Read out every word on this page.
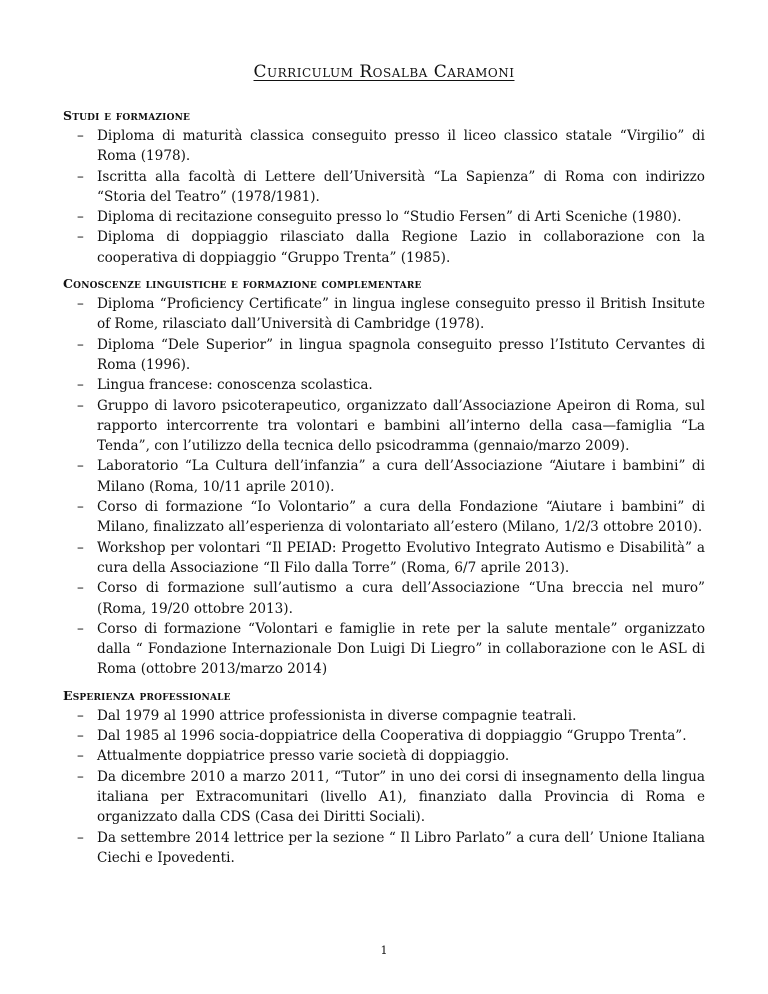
Curriculum Rosalba Caramoni
Studi e formazione
– Diploma di maturità classica conseguito presso il liceo classico statale “Virgilio” di Roma (1978).
– Iscritta alla facoltà di Lettere dell’Università “La Sapienza” di Roma con indirizzo “Storia del Teatro” (1978/1981).
– Diploma di recitazione conseguito presso lo “Studio Fersen” di Arti Sceniche (1980).
– Diploma di doppiaggio rilasciato dalla Regione Lazio in collaborazione con la cooperativa di doppiaggio “Gruppo Trenta” (1985).
Conoscenze linguistiche e formazione complementare
– Diploma “Proficiency Certificate” in lingua inglese conseguito presso il British Insitute of Rome, rilasciato dall’Università di Cambridge (1978).
– Diploma “Dele Superior” in lingua spagnola conseguito presso l’Istituto Cervantes di Roma (1996).
– Lingua francese: conoscenza scolastica.
– Gruppo di lavoro psicoterapeutico, organizzato dall’Associazione Apeiron di Roma, sul rapporto intercorrente tra volontari e bambini all’interno della casa—famiglia “La Tenda”, con l’utilizzo della tecnica dello psicodramma (gennaio/marzo 2009).
– Laboratorio “La Cultura dell’infanzia” a cura dell’Associazione “Aiutare i bambini” di Milano (Roma, 10/11 aprile 2010).
– Corso di formazione “Io Volontario” a cura della Fondazione “Aiutare i bambini” di Milano, finalizzato all’esperienza di volontariato all’estero (Milano, 1/2/3 ottobre 2010).
– Workshop per volontari “Il PEIAD: Progetto Evolutivo Integrato Autismo e Disabilità” a cura della Associazione “Il Filo dalla Torre” (Roma, 6/7 aprile 2013).
– Corso di formazione sull’autismo a cura dell’Associazione “Una breccia nel muro” (Roma, 19/20 ottobre 2013).
– Corso di formazione “Volontari e famiglie in rete per la salute mentale” organizzato dalla “ Fondazione Internazionale Don Luigi Di Liegro” in collaborazione con le ASL di Roma (ottobre 2013/marzo 2014)
Esperienza professionale
– Dal 1979 al 1990 attrice professionista in diverse compagnie teatrali.
– Dal 1985 al 1996 socia-doppiatrice della Cooperativa di doppiaggio “Gruppo Trenta”.
– Attualmente doppiatrice presso varie società di doppiaggio.
– Da dicembre 2010 a marzo 2011, “Tutor” in uno dei corsi di insegnamento della lingua italiana per Extracomunitari (livello A1), finanziato dalla Provincia di Roma e organizzato dalla CDS (Casa dei Diritti Sociali).
– Da settembre 2014 lettrice per la sezione “ Il Libro Parlato” a cura dell’ Unione Italiana Ciechi e Ipovedenti.
1
